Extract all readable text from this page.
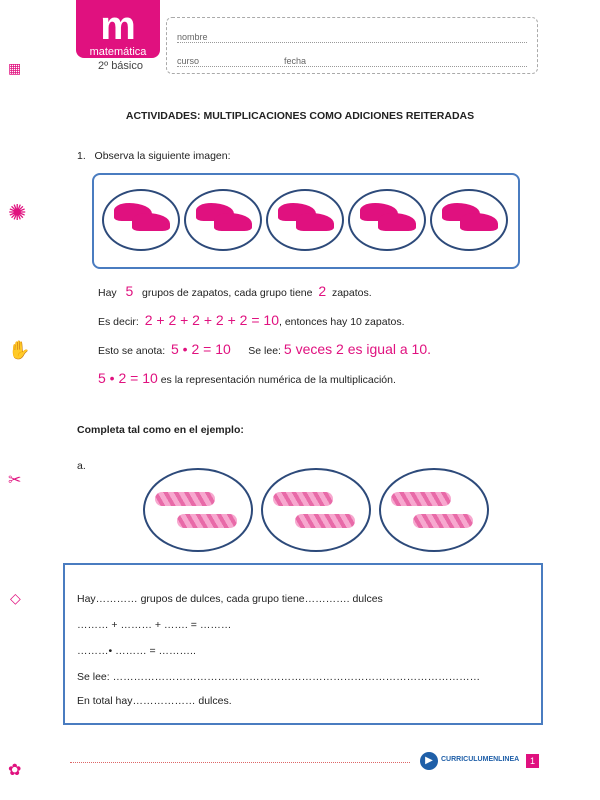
m
matemática
2º básico
nombre
curso	fecha
▦
✺
✋
✂
◇
✿
ACTIVIDADES: MULTIPLICACIONES COMO ADICIONES REITERADAS
1. Observa la siguiente imagen:
Hay 5 grupos de zapatos, cada grupo tiene 2 zapatos.
Es decir: 2 + 2 + 2 + 2 + 2 = 10, entonces hay 10 zapatos.
Esto se anota: 5 • 2 = 10 Se lee: 5 veces 2 es igual a 10.
5 • 2 = 10 es la representación numérica de la multiplicación.
Completa tal como en el ejemplo:
a.
Hay………… grupos de dulces, cada grupo tiene…………. dulces
……… + ……… + ……. = ………
………• ……… = ………..
Se lee: ……………………………………………………………………………………………
En total hay……………… dulces.
▶	CURRICULUMENLINEA	1
